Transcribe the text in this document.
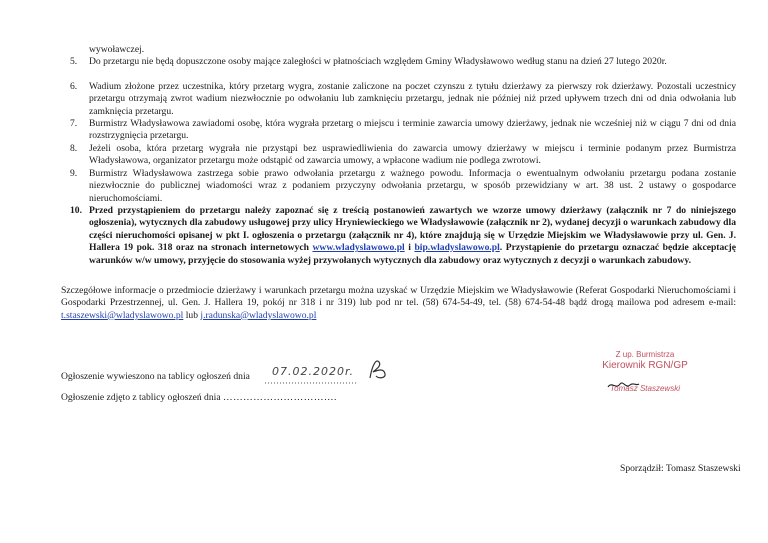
wywoławczej.
5.	Do przetargu nie będą dopuszczone osoby mające zaległości w płatnościach względem Gminy Władysławowo według stanu na dzień 27 lutego 2020r.
6.	Wadium złożone przez uczestnika, który przetarg wygra, zostanie zaliczone na poczet czynszu z tytułu dzierżawy za pierwszy rok dzierżawy. Pozostali uczestnicy przetargu otrzymają zwrot wadium niezwłocznie po odwołaniu lub zamknięciu przetargu, jednak nie później niż przed upływem trzech dni od dnia odwołania lub zamknięcia przetargu.
7.	Burmistrz Władysławowa zawiadomi osobę, która wygrała przetarg o miejscu i terminie zawarcia umowy dzierżawy, jednak nie wcześniej niż w ciągu 7 dni od dnia rozstrzygnięcia przetargu.
8.	Jeżeli osoba, która przetarg wygrała nie przystąpi bez usprawiedliwienia do zawarcia umowy dzierżawy w miejscu i terminie podanym przez Burmistrza Władysławowa, organizator przetargu może odstąpić od zawarcia umowy, a wpłacone wadium nie podlega zwrotowi.
9.	Burmistrz Władysławowa zastrzega sobie prawo odwołania przetargu z ważnego powodu. Informacja o ewentualnym odwołaniu przetargu podana zostanie niezwłocznie do publicznej wiadomości wraz z podaniem przyczyny odwołania przetargu, w sposób przewidziany w art. 38 ust. 2 ustawy o gospodarce nieruchomościami.
10. Przed przystąpieniem do przetargu należy zapoznać się z treścią postanowień zawartych we wzorze umowy dzierżawy (załącznik nr 7 do niniejszego ogłoszenia), wytycznych dla zabudowy usługowej przy ulicy Hryniewieckiego we Władysławowie (załącznik nr 2), wydanej decyzji o warunkach zabudowy dla części nieruchomości opisanej w pkt I. ogłoszenia o przetargu (załącznik nr 4), które znajdują się w Urzędzie Miejskim we Władysławowie przy ul. Gen. J. Hallera 19 pok. 318 oraz na stronach internetowych www.wladyslawowo.pl i bip.wladyslawowo.pl. Przystąpienie do przetargu oznaczać będzie akceptację warunków w/w umowy, przyjęcie do stosowania wyżej przywołanych wytycznych dla zabudowy oraz wytycznych z decyzji o warunkach zabudowy.
Szczegółowe informacje o przedmiocie dzierżawy i warunkach przetargu można uzyskać w Urzędzie Miejskim we Władysławowie (Referat Gospodarki Nieruchomościami i Gospodarki Przestrzennej, ul. Gen. J. Hallera 19, pokój nr 318 i nr 319) lub pod nr tel. (58) 674-54-49, tel. (58) 674-54-48 bądź drogą mailowa pod adresem e-mail: t.staszewski@wladyslawowo.pl lub j.radunska@wladyslawowo.pl
Ogłoszenie wywieszono na tablicy ogłoszeń dnia 07.02.2020r.
Ogłoszenie zdjęto z tablicy ogłoszeń dnia …………………………….
Z up. Burmistrza
Kierownik RGN/GP
Tomasz Staszewski
Sporządził: Tomasz Staszewski
